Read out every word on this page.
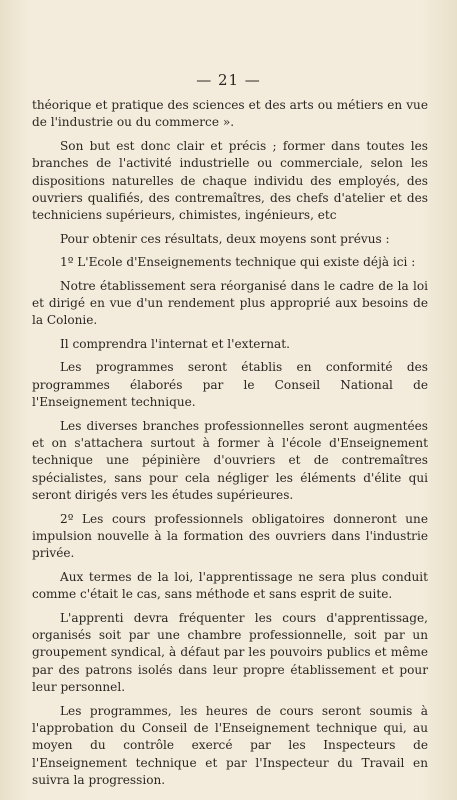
— 21 —

théorique et pratique des sciences et des arts ou métiers en vue de l'industrie ou du commerce ».

Son but est donc clair et précis ; former dans toutes les branches de l'activité industrielle ou commerciale, selon les dispositions naturelles de chaque individu des employés, des ouvriers qualifiés, des contremaîtres, des chefs d'atelier et des techniciens supérieurs, chimistes, ingénieurs, etc

Pour obtenir ces résultats, deux moyens sont prévus :

1º L'Ecole d'Enseignements technique qui existe déjà ici :

Notre établissement sera réorganisé dans le cadre de la loi et dirigé en vue d'un rendement plus approprié aux besoins de la Colonie.

Il comprendra l'internat et l'externat.

Les programmes seront établis en conformité des programmes élaborés par le Conseil National de l'Enseignement technique.

Les diverses branches professionnelles seront augmentées et on s'attachera surtout à former à l'école d'Enseignement technique une pépinière d'ouvriers et de contremaîtres spécialistes, sans pour cela négliger les éléments d'élite qui seront dirigés vers les études supérieures.

2º Les cours professionnels obligatoires donneront une impulsion nouvelle à la formation des ouvriers dans l'industrie privée.

Aux termes de la loi, l'apprentissage ne sera plus conduit comme c'était le cas, sans méthode et sans esprit de suite.

L'apprenti devra fréquenter les cours d'apprentissage, organisés soit par une chambre professionnelle, soit par un groupement syndical, à défaut par les pouvoirs publics et même par des patrons isolés dans leur propre établissement et pour leur personnel.

Les programmes, les heures de cours seront soumis à l'approbation du Conseil de l'Enseignement technique qui, au moyen du contrôle exercé par les Inspecteurs de l'Enseignement technique et par l'Inspecteur du Travail en suivra la progression.
